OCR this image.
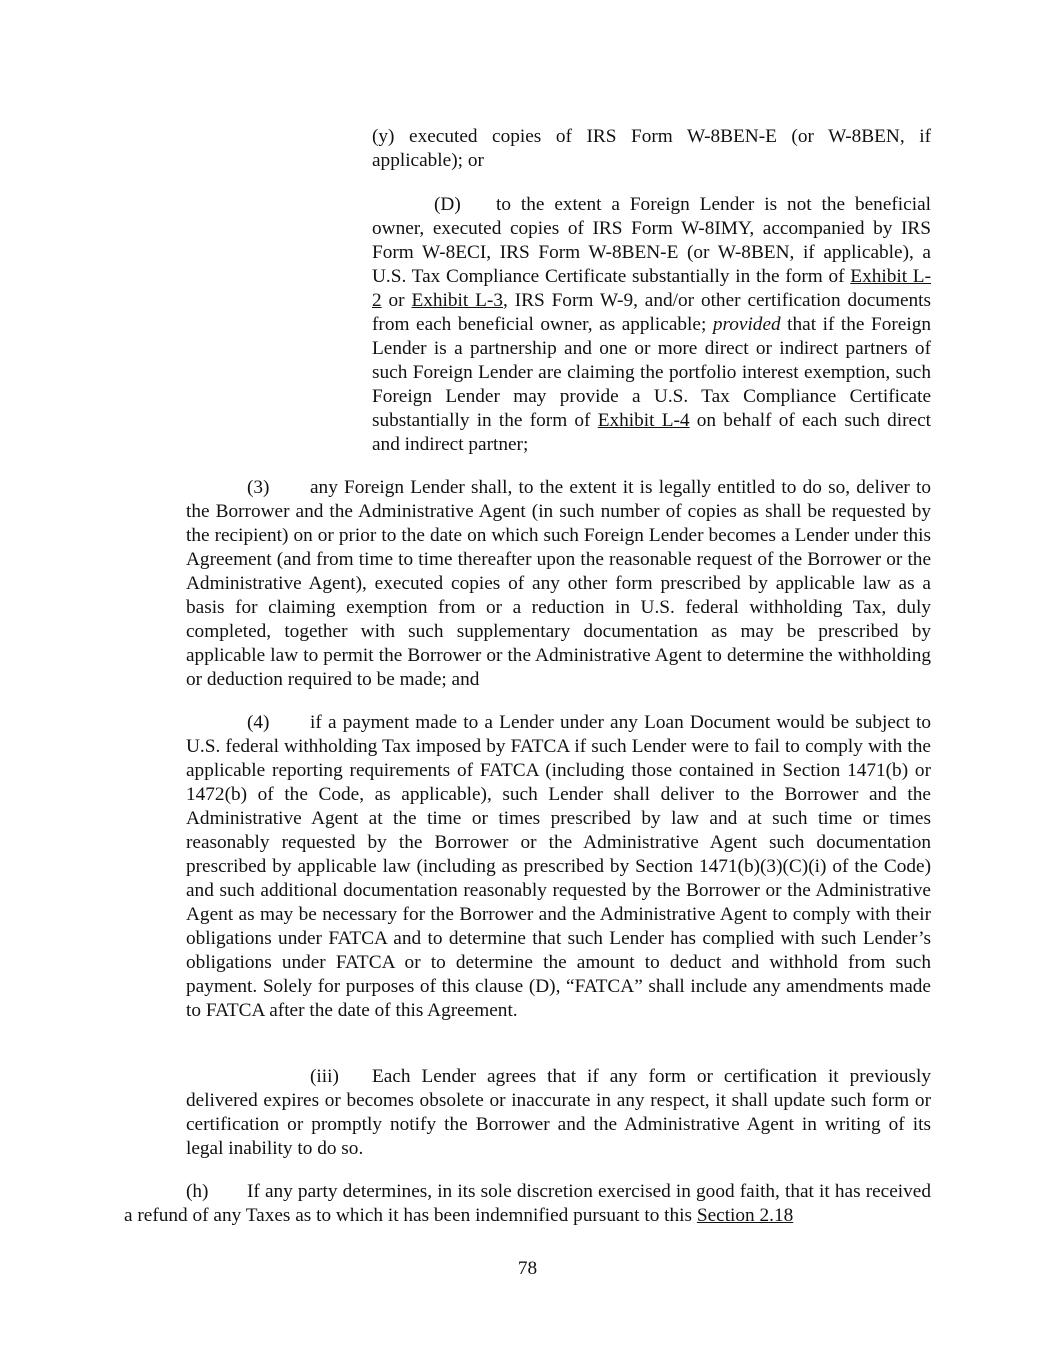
(y) executed copies of IRS Form W-8BEN-E (or W-8BEN, if applicable); or

(D) to the extent a Foreign Lender is not the beneficial owner, executed copies of IRS Form W-8IMY, accompanied by IRS Form W-8ECI, IRS Form W-8BEN-E (or W-8BEN, if applicable), a U.S. Tax Compliance Certificate substantially in the form of Exhibit L-2 or Exhibit L-3, IRS Form W-9, and/or other certification documents from each beneficial owner, as applicable; provided that if the Foreign Lender is a partnership and one or more direct or indirect partners of such Foreign Lender are claiming the portfolio interest exemption, such Foreign Lender may provide a U.S. Tax Compliance Certificate substantially in the form of Exhibit L-4 on behalf of each such direct and indirect partner;

(3) any Foreign Lender shall, to the extent it is legally entitled to do so, deliver to the Borrower and the Administrative Agent (in such number of copies as shall be requested by the recipient) on or prior to the date on which such Foreign Lender becomes a Lender under this Agreement (and from time to time thereafter upon the reasonable request of the Borrower or the Administrative Agent), executed copies of any other form prescribed by applicable law as a basis for claiming exemption from or a reduction in U.S. federal withholding Tax, duly completed, together with such supplementary documentation as may be prescribed by applicable law to permit the Borrower or the Administrative Agent to determine the withholding or deduction required to be made; and

(4) if a payment made to a Lender under any Loan Document would be subject to U.S. federal withholding Tax imposed by FATCA if such Lender were to fail to comply with the applicable reporting requirements of FATCA (including those contained in Section 1471(b) or 1472(b) of the Code, as applicable), such Lender shall deliver to the Borrower and the Administrative Agent at the time or times prescribed by law and at such time or times reasonably requested by the Borrower or the Administrative Agent such documentation prescribed by applicable law (including as prescribed by Section 1471(b)(3)(C)(i) of the Code) and such additional documentation reasonably requested by the Borrower or the Administrative Agent as may be necessary for the Borrower and the Administrative Agent to comply with their obligations under FATCA and to determine that such Lender has complied with such Lender’s obligations under FATCA or to determine the amount to deduct and withhold from such payment. Solely for purposes of this clause (D), “FATCA” shall include any amendments made to FATCA after the date of this Agreement.

(iii) Each Lender agrees that if any form or certification it previously delivered expires or becomes obsolete or inaccurate in any respect, it shall update such form or certification or promptly notify the Borrower and the Administrative Agent in writing of its legal inability to do so.

(h) If any party determines, in its sole discretion exercised in good faith, that it has received a refund of any Taxes as to which it has been indemnified pursuant to this Section 2.18

78
